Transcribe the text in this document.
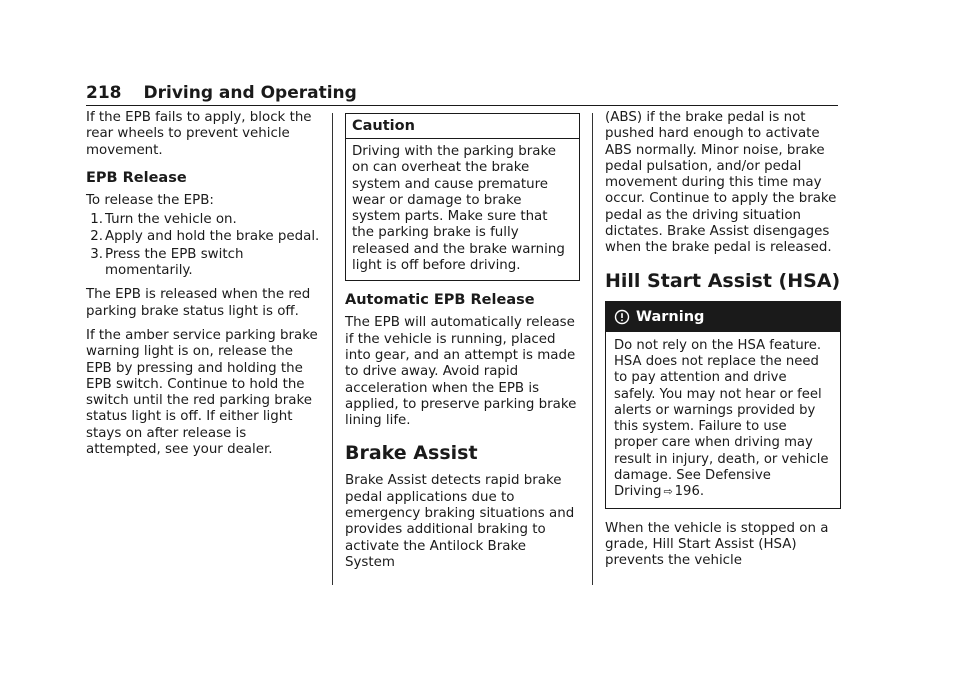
218 Driving and Operating

If the EPB fails to apply, block the rear wheels to prevent vehicle movement.

EPB Release

To release the EPB:

1. Turn the vehicle on.
2. Apply and hold the brake pedal.
3. Press the EPB switch momentarily.

The EPB is released when the red parking brake status light is off.

If the amber service parking brake warning light is on, release the EPB by pressing and holding the EPB switch. Continue to hold the switch until the red parking brake status light is off. If either light stays on after release is attempted, see your dealer.

Caution

Driving with the parking brake on can overheat the brake system and cause premature wear or damage to brake system parts. Make sure that the parking brake is fully released and the brake warning light is off before driving.

Automatic EPB Release

The EPB will automatically release if the vehicle is running, placed into gear, and an attempt is made to drive away. Avoid rapid acceleration when the EPB is applied, to preserve parking brake lining life.

Brake Assist

Brake Assist detects rapid brake pedal applications due to emergency braking situations and provides additional braking to activate the Antilock Brake System

(ABS) if the brake pedal is not pushed hard enough to activate ABS normally. Minor noise, brake pedal pulsation, and/or pedal movement during this time may occur. Continue to apply the brake pedal as the driving situation dictates. Brake Assist disengages when the brake pedal is released.

Hill Start Assist (HSA)
Warning

Do not rely on the HSA feature. HSA does not replace the need to pay attention and drive safely. You may not hear or feel alerts or warnings provided by this system. Failure to use proper care when driving may result in injury, death, or vehicle damage. See Defensive Driving ⇨ 196.

When the vehicle is stopped on a grade, Hill Start Assist (HSA) prevents the vehicle
